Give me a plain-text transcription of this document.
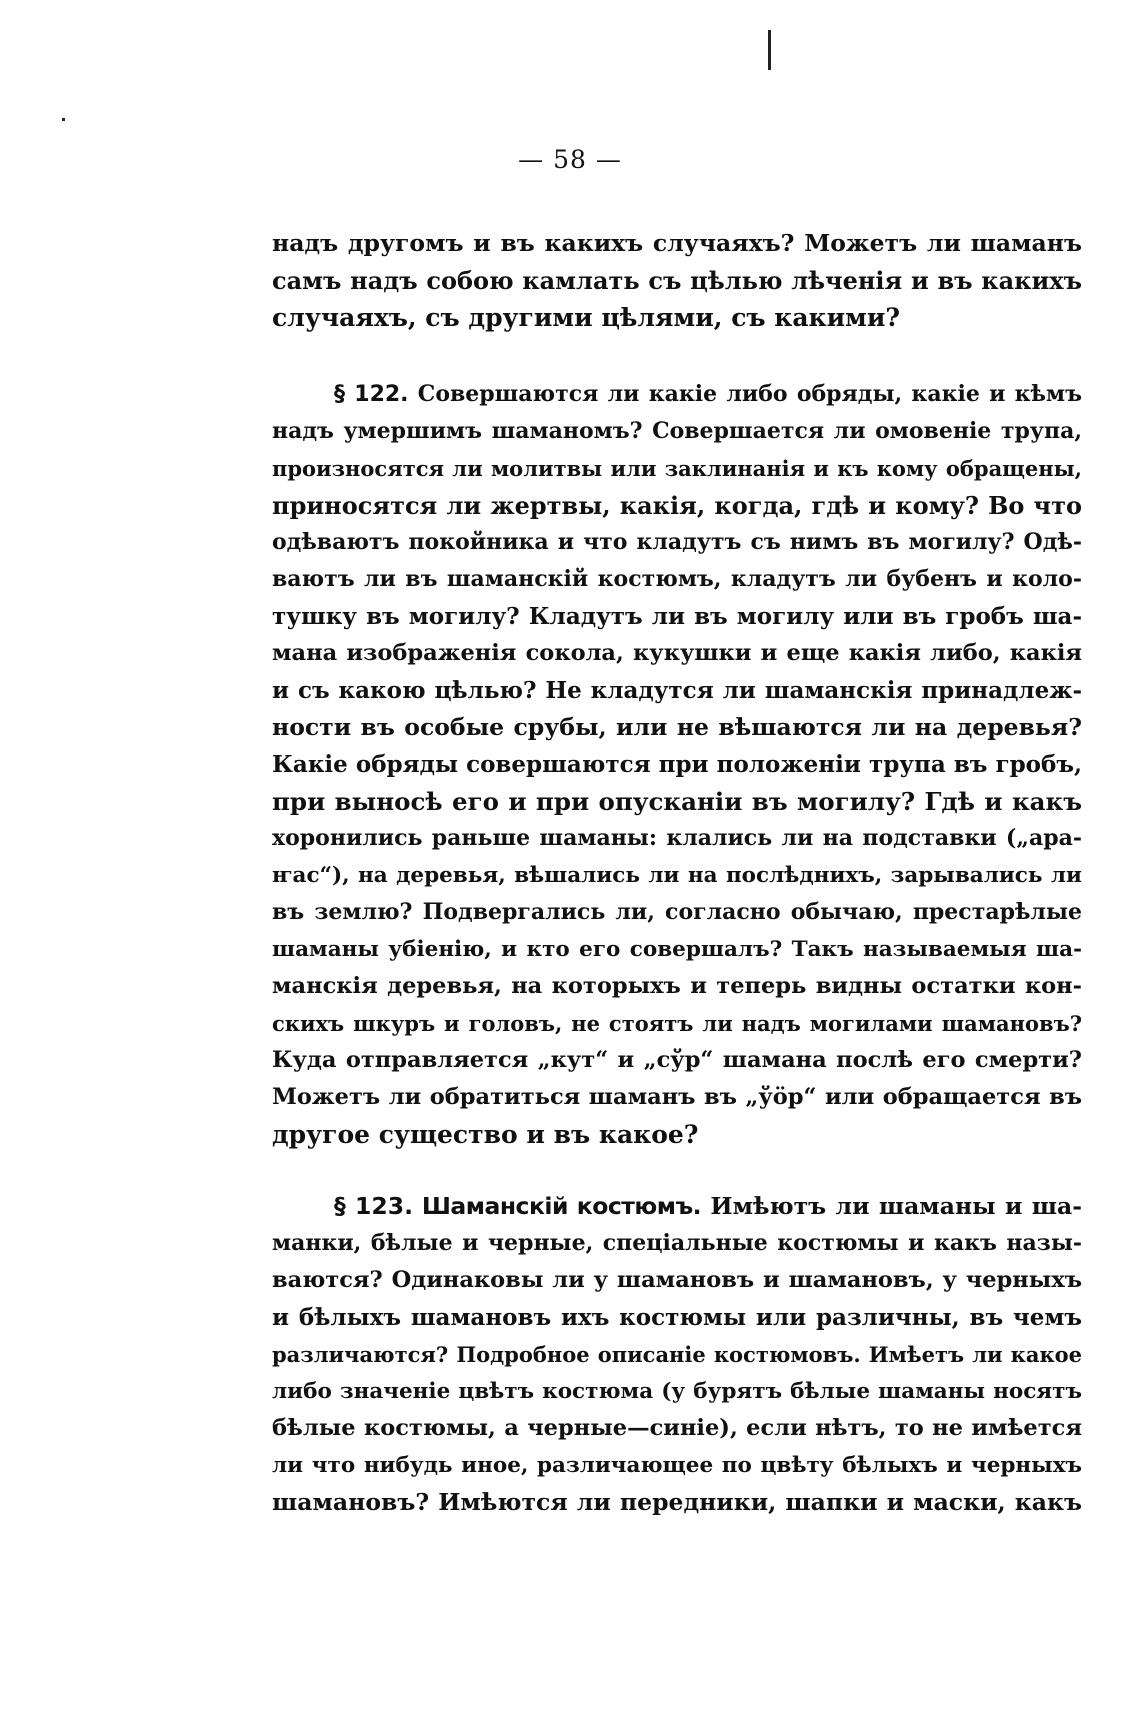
— 58 —
надъ другомъ и въ какихъ случаяхъ? Можетъ ли шаманъ
самъ надъ собою камлать съ цѣлью лѣченія и въ какихъ
случаяхъ, съ другими цѣлями, съ какими?
§ 122. Совершаются ли какіе либо обряды, какіе и кѣмъ
надъ умершимъ шаманомъ? Совершается ли омовеніе трупа,
произносятся ли молитвы или заклинанія и къ кому обращены,
приносятся ли жертвы, какія, когда, гдѣ и кому? Во что
одѣваютъ покойника и что кладутъ съ нимъ въ могилу? Одѣ-
ваютъ ли въ шаманскій костюмъ, кладутъ ли бубенъ и коло-
тушку въ могилу? Кладутъ ли въ могилу или въ гробъ ша-
мана изображенія сокола, кукушки и еще какія либо, какія
и съ какою цѣлью? Не кладутся ли шаманскія принадлеж-
ности въ особые срубы, или не вѣшаются ли на деревья?
Какіе обряды совершаются при положеніи трупа въ гробъ,
при выносѣ его и при опусканіи въ могилу? Гдѣ и какъ
хоронились раньше шаманы: клались ли на подставки („ара-
ҥас“), на деревья, вѣшались ли на послѣднихъ, зарывались ли
въ землю? Подвергались ли, согласно обычаю, престарѣлые
шаманы убіенію, и кто его совершалъ? Такъ называемыя ша-
манскія деревья, на которыхъ и теперь видны остатки кон-
скихъ шкуръ и головъ, не стоятъ ли надъ могилами шамановъ?
Куда отправляется „кут“ и „сўр“ шамана послѣ его смерти?
Можетъ ли обратиться шаманъ въ „ўӧр“ или обращается въ
другое существо и въ какое?
§ 123. Шаманскій костюмъ. Имѣютъ ли шаманы и ша-
манки, бѣлые и черные, спеціальные костюмы и какъ назы-
ваются? Одинаковы ли у шамановъ и шамановъ, у черныхъ
и бѣлыхъ шамановъ ихъ костюмы или различны, въ чемъ
различаются? Подробное описаніе костюмовъ. Имѣетъ ли какое
либо значеніе цвѣтъ костюма (у бурятъ бѣлые шаманы носятъ
бѣлые костюмы, а черные—синіе), если нѣтъ, то не имѣется
ли что нибудь иное, различающее по цвѣту бѣлыхъ и черныхъ
шамановъ? Имѣются ли передники, шапки и маски, какъ
